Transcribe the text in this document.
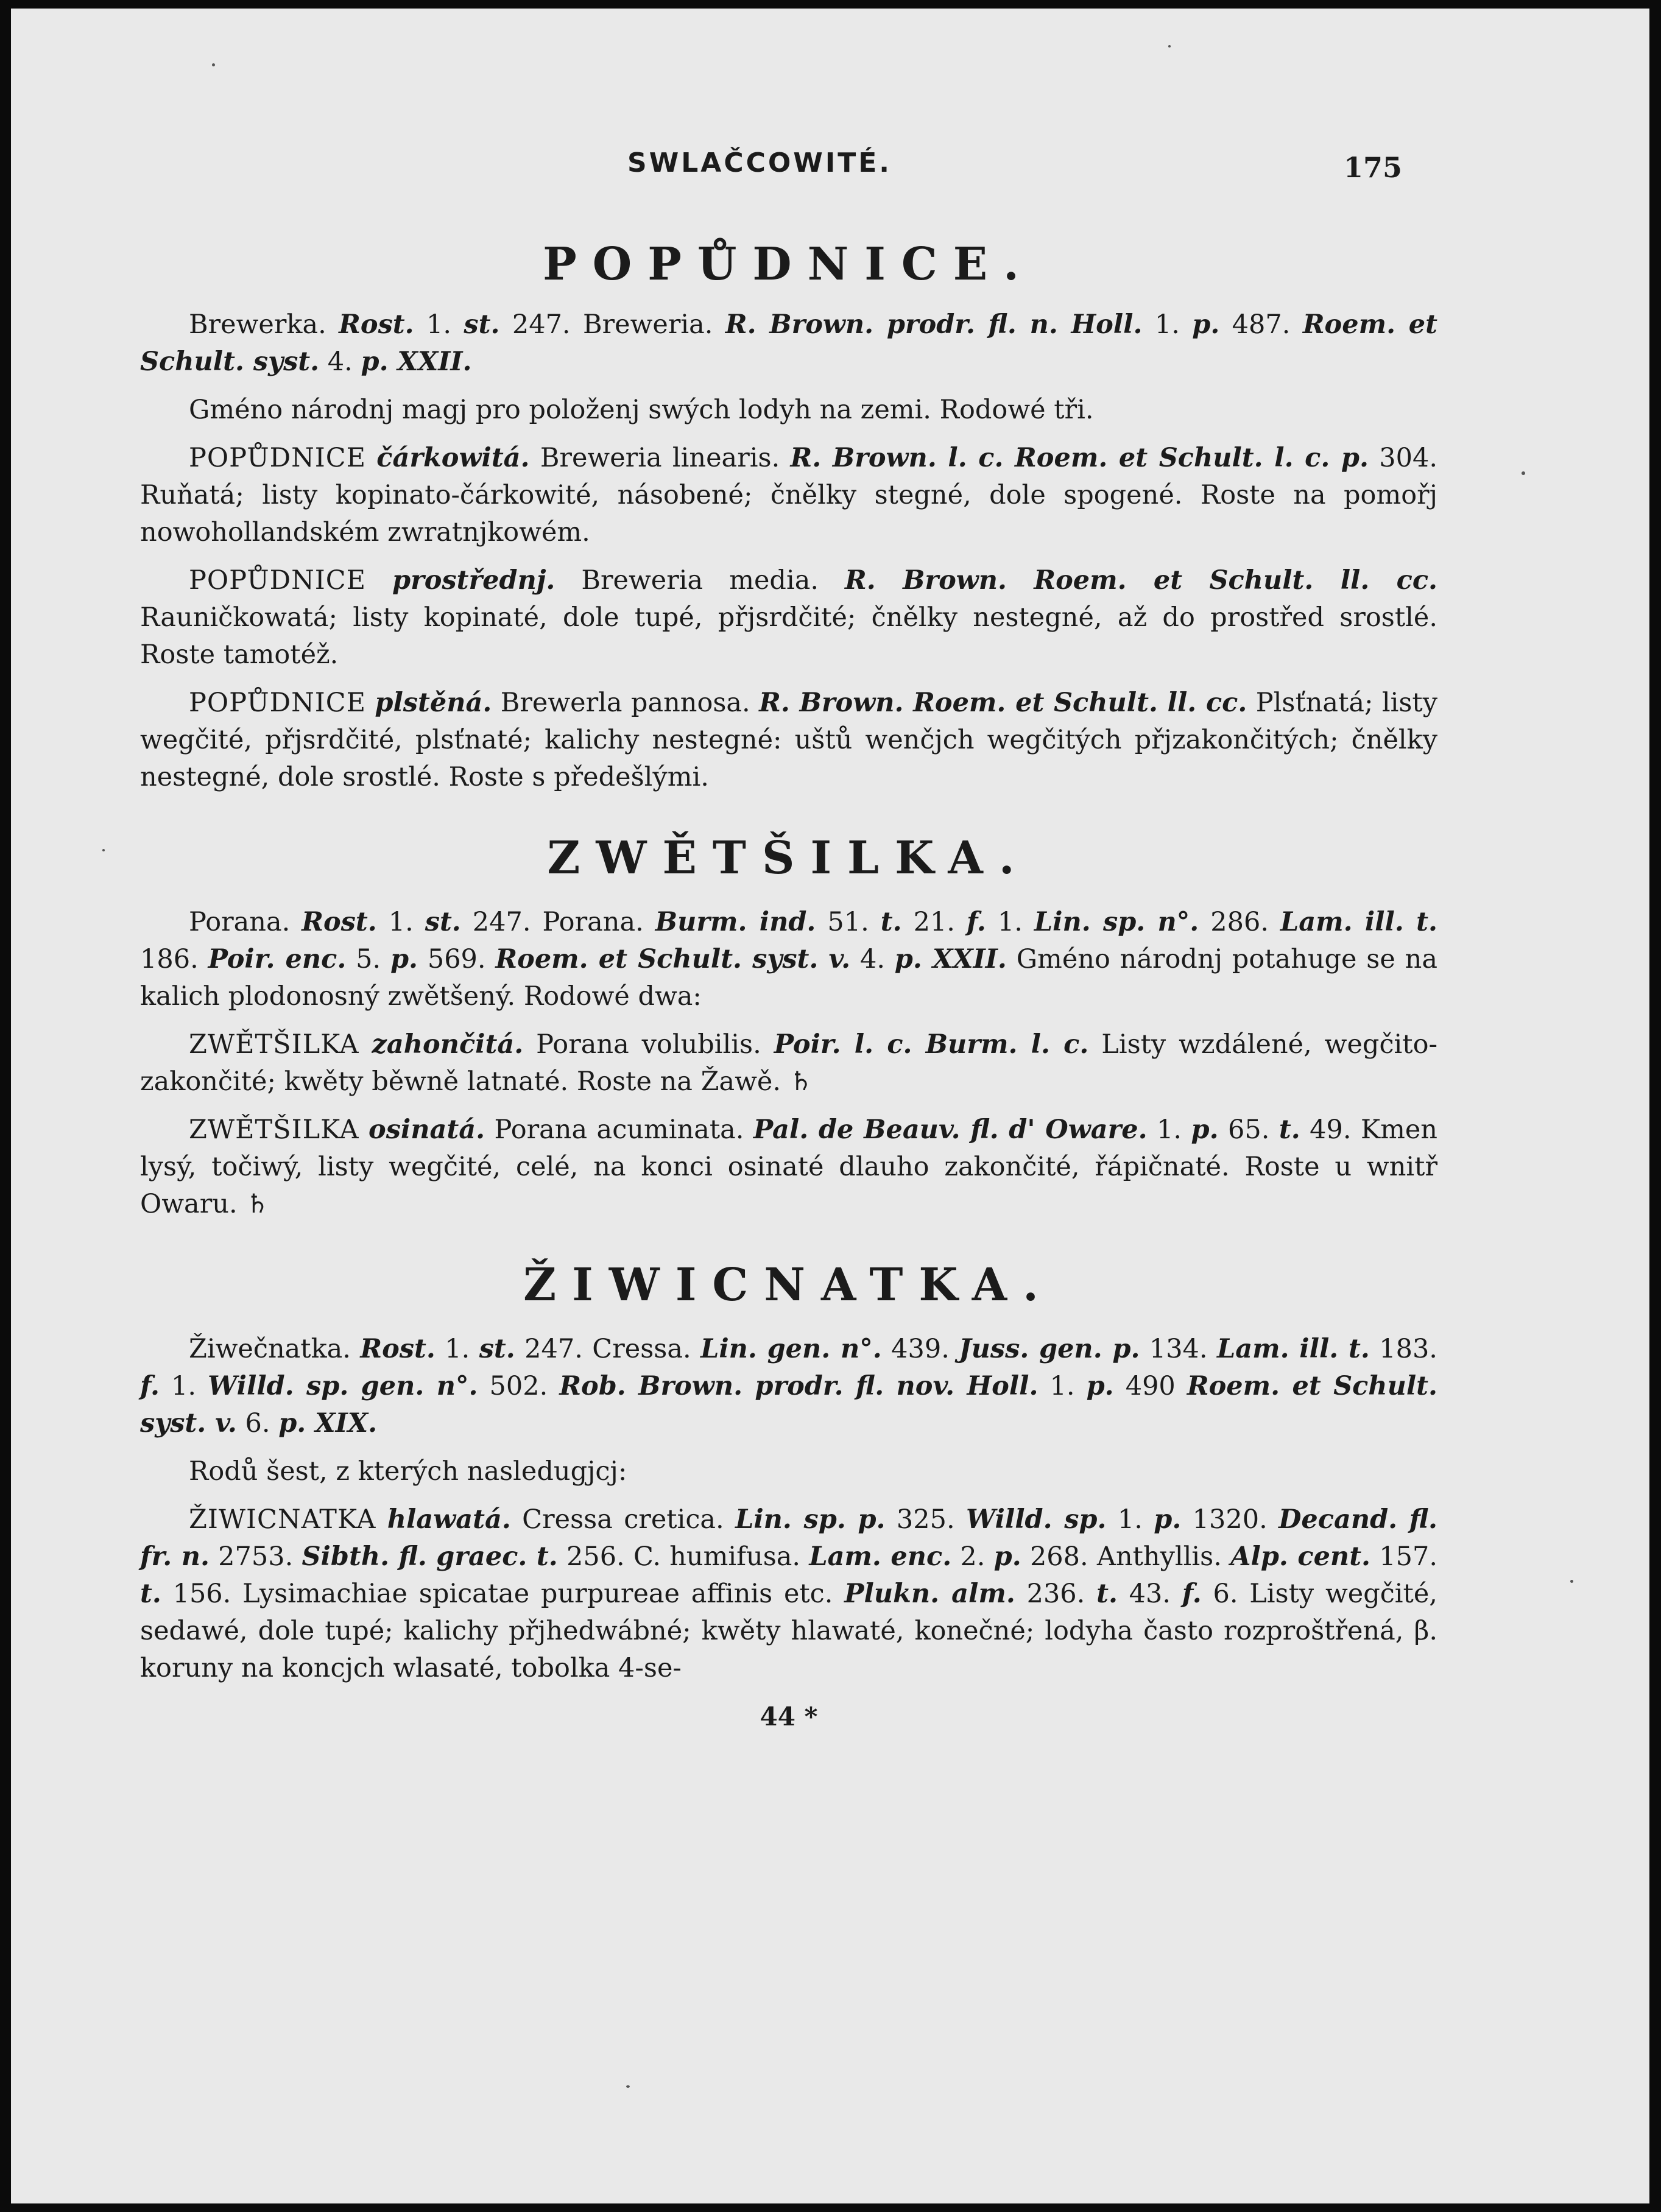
SWLAČCOWITÉ.	175
POPŮDNICE.

Brewerka. Rost. 1. st. 247. Breweria. R. Brown. prodr. fl. n. Holl. 1. p. 487. Roem. et Schult. syst. 4. p. XXII.

Gméno národnj magj pro položenj swých lodyh na zemi. Rodowé tři.

POPŮDNICE čárkowitá. Breweria linearis. R. Brown. l. c. Roem. et Schult. l. c. p. 304. Ruňatá; listy kopinato-čárkowité, násobené; čnělky stegné, dole spogené. Roste na pomořj nowohollandském zwratnjkowém.

POPŮDNICE prostřednj. Breweria media. R. Brown. Roem. et Schult. ll. cc. Rauničkowatá; listy kopinaté, dole tupé, přjsrdčité; čnělky nestegné, až do prostřed srostlé. Roste tamotéž.

POPŮDNICE plstěná. Brewerla pannosa. R. Brown. Roem. et Schult. ll. cc. Plsťnatá; listy wegčité, přjsrdčité, plsťnaté; kalichy nestegné: uštů wenčjch wegčitých přjzakončitých; čnělky nestegné, dole srostlé. Roste s předešlými.

ZWĚTŠILKA.

Porana. Rost. 1. st. 247. Porana. Burm. ind. 51. t. 21. f. 1. Lin. sp. n°. 286. Lam. ill. t. 186. Poir. enc. 5. p. 569. Roem. et Schult. syst. v. 4. p. XXII. Gméno národnj potahuge se na kalich plodonosný zwětšený. Rodowé dwa:

ZWĚTŠILKA zahončitá. Porana volubilis. Poir. l. c. Burm. l. c. Listy wzdálené, wegčito-zakončité; kwěty běwně latnaté. Roste na Žawě. ♄

ZWĚTŠILKA osinatá. Porana acuminata. Pal. de Beauv. fl. d' Oware. 1. p. 65. t. 49. Kmen lysý, točiwý, listy wegčité, celé, na konci osinaté dlauho zakončité, řápičnaté. Roste u wnitř Owaru. ♄

ŽIWICNATKA.

Žiwečnatka. Rost. 1. st. 247. Cressa. Lin. gen. n°. 439. Juss. gen. p. 134. Lam. ill. t. 183. f. 1. Willd. sp. gen. n°. 502. Rob. Brown. prodr. fl. nov. Holl. 1. p. 490 Roem. et Schult. syst. v. 6. p. XIX.

Rodů šest, z kterých nasledugjcj:

ŽIWICNATKA hlawatá. Cressa cretica. Lin. sp. p. 325. Willd. sp. 1. p. 1320. Decand. fl. fr. n. 2753. Sibth. fl. graec. t. 256. C. humifusa. Lam. enc. 2. p. 268. Anthyllis. Alp. cent. 157. t. 156. Lysimachiae spicatae purpureae affinis etc. Plukn. alm. 236. t. 43. f. 6. Listy wegčité, sedawé, dole tupé; kalichy přjhedwábné; kwěty hlawaté, konečné; lodyha často rozproštřená, β. koruny na koncjch wlasaté, tobolka 4-se-

44 *
